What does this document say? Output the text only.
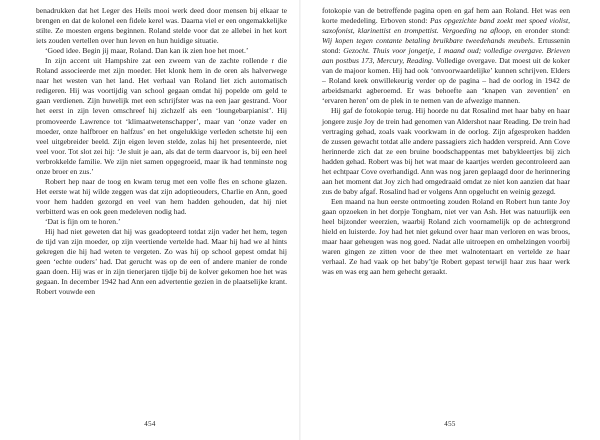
benadrukken dat het Leger des Heils mooi werk deed door mensen bij elkaar te brengen en dat de kolonel een fidele kerel was. Daarna viel er een ongemakkelijke stilte. Ze moesten ergens beginnen. Roland stelde voor dat ze allebei in het kort iets zouden vertellen over hun leven en hun huidige situatie.

‘Goed idee. Begin jij maar, Roland. Dan kan ik zien hoe het moet.’

In zijn accent uit Hampshire zat een zweem van de zachte rollende r die Roland associeerde met zijn moeder. Het klonk hem in de oren als halverwege naar het westen van het land. Het verhaal van Roland liet zich automatisch redigeren. Hij was voortijdig van school gegaan omdat hij popelde om geld te gaan verdienen. Zijn huwelijk met een schrijfster was na een jaar gestrand. Voor het eerst in zijn leven omschreef hij zichzelf als een ‘loungebarpianist’. Hij promoveerde Lawrence tot ‘klimaatwetenschapper’, maar van ‘onze vader en moeder, onze halfbroer en halfzus’ en het ongelukkige verleden schetste hij een veel uitgebreider beeld. Zijn eigen leven stelde, zolas hij het presenteerde, niet veel voor. Tot slot zei hij: ‘Je sluit je aan, als dat de term daarvoor is, bij een heel verbrokkelde familie. We zijn niet samen opgegroeid, maar ik had tenminste nog onze broer en zus.’

Robert hep naar de toog en kwam terug met een volle fles en schone glazen. Het eerste wat hij wilde zeggen was dat zijn adoptieouders, Charlie en Ann, goed voor hem hadden gezorgd en veel van hem hadden gehouden, dat hij niet verbitterd was en ook geen medeleven nodig had.

‘Dat is fijn om te horen.’

Hij had niet geweten dat hij was geadopteerd totdat zijn vader het hem, tegen de tijd van zijn moeder, op zijn veertiende vertelde had. Maar hij had we al hints gekregen die hij had weten te vergeten. Zo was hij op school gepest omdat hij geen ‘echte ouders’ had. Dat gerucht was op de een of andere manier de ronde gaan doen. Hij was er in zijn tienerjaren tijdje bij de kolver gekomen hoe het was gegaan. In december 1942 had Ann een advertentie gezien in de plaatselijke krant. Robert vouwde een

454

fotokopie van de betreffende pagina open en gaf hem aan Roland. Het was een korte mededeling. Erboven stond: Pas opgezichte band zoekt met spoed violist, saxofonist, klarinettist en trompettist. Vergoeding na afloop, en eronder stond: Wij kopen tegen contante betaling bruikbare tweedehands meubels. Ertussenin stond: Gezocht. Thuis voor jongetje, 1 maand oud; volledige overgave. Brieven aan postbus 173, Mercury, Reading. Volledige overgave. Dat moest uit de koker van de majoor komen. Hij had ook ‘onvoorwaardelijke’ kunnen schrijven. Elders – Roland keek onwillekeurig verder op de pagina – had de oorlog in 1942 de arbeidsmarkt agberoemd. Er was behoefte aan ‘knapen van zeventien’ en ‘ervaren heren’ om de plek in te nemen van de afwezige mannen.

Hij gaf de fotokopie terug. Hij hoorde nu dat Rosalind met haar baby en haar jongere zusje Joy de trein had genomen van Aldershot naar Reading. De trein had vertraging gehad, zoals vaak voorkwam in de oorlog. Zijn afgesproken hadden de zussen gewacht totdat alle andere passagiers zich hadden verspreid. Ann Cove herinnerde zich dat ze een bruine boodschappentas met babykleertjes bij zich hadden gehad. Robert was bij het wat maar de kaartjes werden gecontroleerd aan het echtpaar Cove overhandigd. Ann was nog jaren geplaagd door de herinnering aan het moment dat Joy zich had omgedraaid omdat ze niet kon aanzien dat haar zus de baby afgaf. Rosalind had er volgens Ann opgelucht en weinig gezegd.

Een maand na hun eerste ontmoeting zouden Roland en Robert hun tante Joy gaan opzoeken in het dorpje Tongham, niet ver van Ash. Het was natuurlijk een heel bijzonder weerzien, waarbij Roland zich voornamelijk op de achtergrond hield en luisterde. Joy had het niet gekund over haar man verloren en was broos, maar haar geheugen was nog goed. Nadat alle uitroepen en omhelzingen voorbij waren gingen ze zitten voor de thee met walnotentaart en vertelde ze haar verhaal. Ze had vaak op het baby’tje Robert gepast terwijl haar zus haar werk was en was erg aan hem gehecht geraakt.

455
